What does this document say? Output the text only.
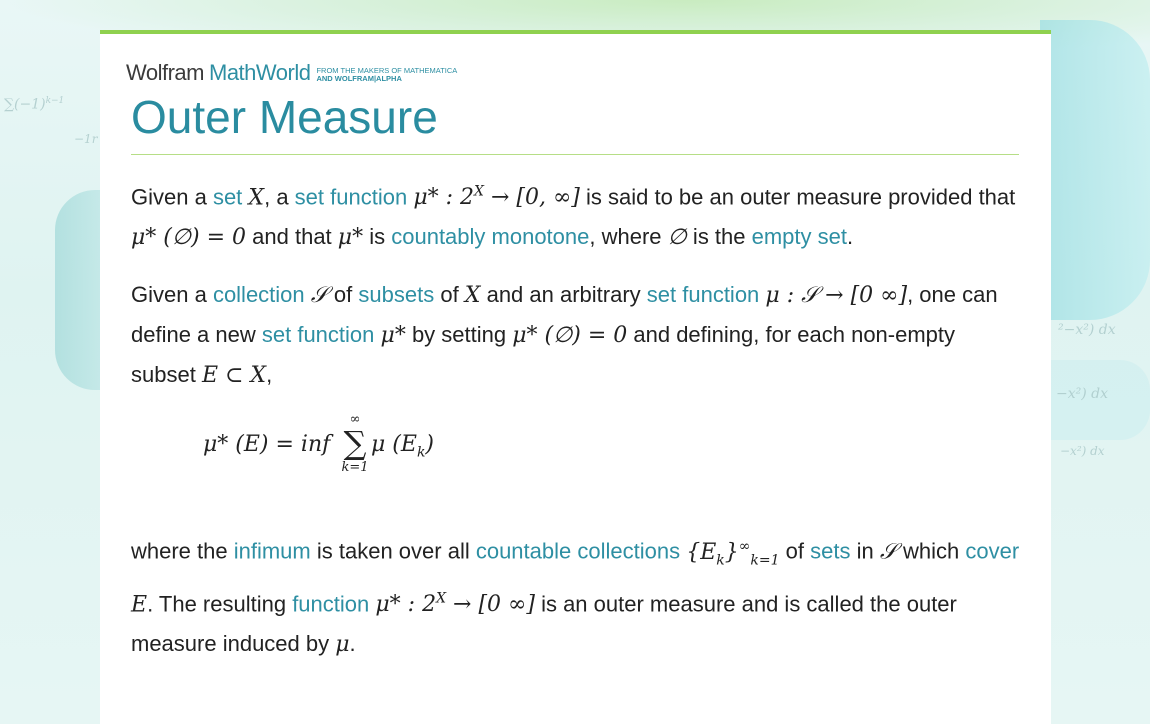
$\sum(-1)^{k-1}$
−1r
²−x²) dx
−x²) dx
−x²) dx
Wolfram MathWorld FROM THE MAKERS OF MATHEMATICA
AND WOLFRAM|ALPHA
Outer Measure

Given a set X, a set function μ* : $2^X \to [0$, ∞] is said to be an outer measure provided that μ* (∅) = 0 and that μ* is countably monotone, where ∅ is the empty set.

Given a collection 𝒮 of subsets of X and an arbitrary set function μ : 𝒮 → [0 ∞], one can define a new set function μ* by setting μ* (∅) = 0 and defining, for each non-empty subset E ⊂ X,

μ* (E) = inf
∞
∑
k=1
μ $(E_k)$

where the infimum is taken over all countable collections $\{E_k\}^\infty_{k=1}$ of sets in 𝒮 which cover E. The resulting function μ* : $2^X \to [0$ ∞] is an outer measure and is called the outer measure induced by μ.
